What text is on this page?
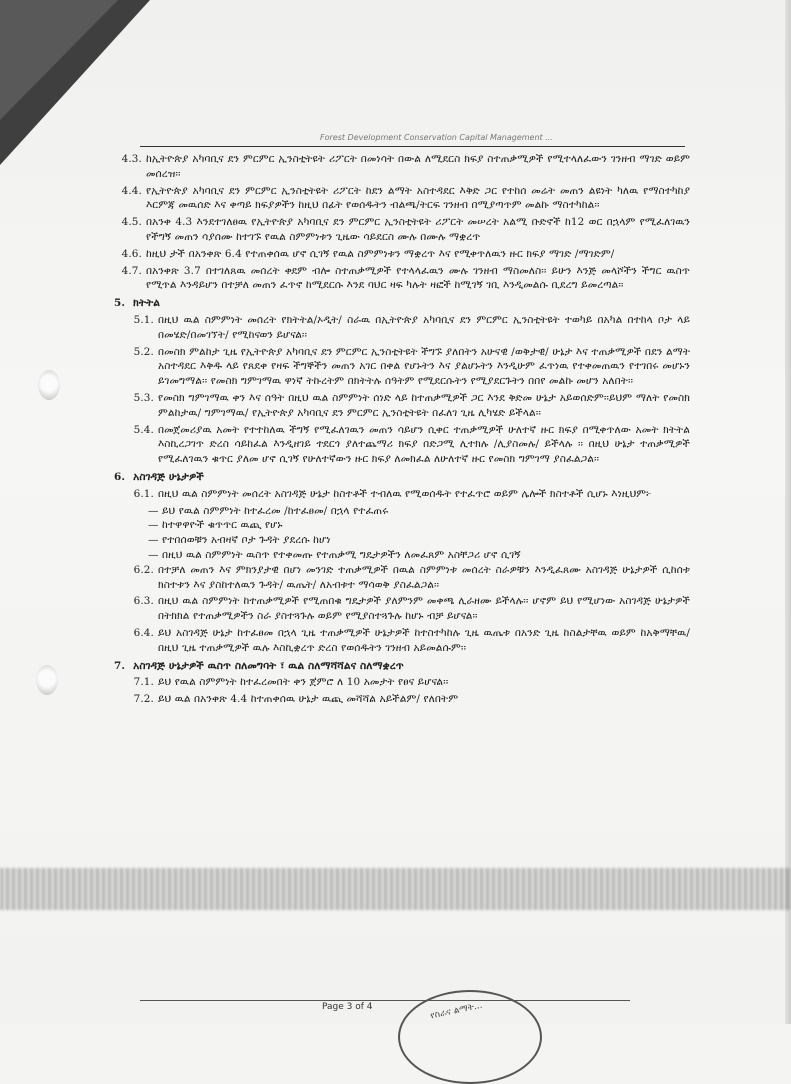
Forest Development Conservation Capital Management ...
4.3. ከኢትዮጵያ አካባቢና ደን ምርምር ኢንስቲትዩት ሪፖርት በመነሳት በውል ለሚደርስ ክፍያ ስተጠቃሚዎች የሚተላለፈውን ገንዘብ ማገድ ወይም መሰረዝ፡፡
4.4. የኢትዮጵያ አካባቢና ደን ምርምር ኢንስቲትዩት ሪፖርት ከደን ልማት አስተዳደር እቅድ ጋር የተከሰ መሬት መጠን ልዩነት ካለዉ የማስተካከያ እርምጃ መዉሰድ እና ቀጣይ ክፍያዎችን ከዚህ በፊት የወሰዱትን ብልጫ/ትርፍ ገንዘብ በሚያጣጥም መልኩ ማስተካከል፡፡
4.5. በአንቀ 4.3 እንደተገለፀዉ የኢትዮጵያ አካባቢና ደን ምርምር ኢንስቲትዩት ሪፖርት መሠረት አልሚ ቡድኖች ከ12 ወር በኋላም የሚፈለገዉን የችግኝ መጠን ሳያሰሙ ከተገኙ የዉል ስምምነቱን ጊዜው ሳይደርስ ሙሉ በሙሉ ማቋረጥ
4.6. ከዚህ ታች በአንቀጽ 6.4 የተጠቀሰዉ ሆኖ ሲገኝ የዉል ስምምነቱን ማቋረጥ እና የሚቀጥለዉን ዙር ክፍያ ማገድ /ማገድም/
4.7. በአንቀጽ 3.7 በተገለጸዉ መሰረት ቀደም ብሎ ስተጠቃሚዎች የተላላፈዉን ሙሉ ገንዘብ ማስመለስ፡፡ ይሁን እንጅ መላሾችን ችግር ዉስጥ የሚጥል እንዳይሆን በተቻለ መጠን ፈጥኖ ከሚደርሱ እንደ ባህር ዛፍ ካሉት ዛፎች ከሚገኝ ገቢ እንዲመልሱ ቢደረግ ይመረጣል፡፡
5. ክትትል
5.1. በዚህ ዉል ስምምነት መሰረት የክትትል/ኦዲት/ ስራዉ በኢትዮጵያ አካባቢና ደን ምርምር ኢንስቲትዩት ተወካይ በአካል በተከላ ቦታ ላይ በመሄድ/በመገኘት/ የሚከናወን ይሆናል፡፡
5.2. በመስክ ምልከታ ጊዜ የኢትዮጵያ አካባቢና ደን ምርምር ኢንስቲትዩት ችግኙ ያለበትን አሁናዊ /ወቅታዊ/ ሁኔታ እና ተጠቃሚዎች በደን ልማት አስተዳደር እቅዱ ላይ የጸደቀ የዛፍ ችግኞችን መጠን አገር በቀል የሆኑትን እና ያልሆኑትን እንዲሁም ፈጥነዉ የተቀመጠዉን የተገበሩ መሆኑን ይገመግማል፡፡ የመስክ ግምገማዉ ዋነኛ ትኩረትም በክትትሉ ሰዓትም የሚደርሱትን የሚያደርጉትን በበየ መልኩ መሆን አለበት፡፡
5.3. የመስክ ግምገማዉ ቀን እና ሰዓት በዚህ ዉል ስምምነት ሰነድ ላይ ከተጠቃሚዎች ጋር እንደ ቅድመ ሁኔታ አይወሰድም፡፡ይህም ማለት የመስክ ምልከታዉ/ ግምገማዉ/ የኢትዮጵያ አካባቢና ደን ምርምር ኢንስቲትዩት በፈለገ ጊዜ ሊካሄድ ይችላል፡፡
5.4. በመጀመሪያዉ አመት የተተከለዉ ችግኝ የሚፈለገዉን መጠን ሳይሆን ሲቀር ተጠቃሚዎች ሁለተኛ ዙር ክፍያ በሚቀጥለው አመት ክትትል እስኪረጋገጥ ድረስ ሳይከፈል እንዲዘገይ ተደርጎ ያለተጨማሪ ክፍያ በድጋሚ ሊተክሉ /ሊያስመሉ/ ይችላሉ ፡፡ በዚህ ሁኔታ ተጠቃሚዎች የሚፈለገዉን ቁጥር ያለመ ሆኖ ሲገኝ የሁለተኛውን ዙር ክፍያ ለመክፈል ለሁለተኛ ዙር የመስክ ግምገማ ያስፈልጋል፡፡
6. አስገዳጅ ሁኔታዎች
6.1. በዚህ ዉል ስምምነት መሰረት አስገዳጅ ሁኔታ ከስተቶች ተብለዉ የሚወሰዱት የተፈጥሮ ወይም ሌሎች ክስተቶች ሲሆኑ እነዚህም፦
— ይህ የዉል ስምምነት ከተፈረመ /ከተፈፀመ/ በኋላ የተፈጠሩ
— ከተዋዋዮች ቁጥጥር ዉጪ የሆኑ
— የተበሰወቹን አብዛኛ ቦታ ጉዳት ያደረሱ ከሆነ
— በዚህ ዉል ስምምነት ዉስጥ የተቀመጡ የተጠቃሚ ግዴታዎችን ለመፈጸም አስቸጋሪ ሆኖ ሲገኝ
6.2. በተቻለ መጠን እና ምክንያታዊ በሆነ መንገድ ተጠቃሚዎች በዉል ስምምነቱ መሰረት ስራዎቹን እንዲፈጸሙ አስገዳጅ ሁኔታዎች ሲከሰቱ ክስተቱን እና ያስከተለዉን ጉዳት/ ዉጤት/ ለአብቱተ ማሳወቅ ያስፈልጋል፡፡
6.3. በዚህ ዉል ስምምነት ከተጠቃሚዎች የሚጠበቁ ግዴታዎች ያለምንም መቀጫ ሊራዘሙ ይችላሉ፡፡ ሆኖም ይህ የሚሆነው አስገዳጅ ሁኔታዎች በትክክል የተጠቃሚዎችን ስራ ያስተጓጉሉ ወይም የሚያስተጓጉሉ ከሆኑ ብቻ ይሆናል፡፡
6.4. ይህ አስገዳጅ ሁኔታ ከተፈፀመ በኋላ ጊዜ ተጠቃሚዎች ሁኔታዎች ከተስተካከሉ ጊዜ ዉጤቱ በአንድ ጊዜ ከስልታቸዉ ወይም ከአቅማቸዉ/ በዚህ ጊዜ ተጠቃሚዎች ዉሉ እስኪቋረጥ ድረስ የወሰዱትን ገንዘብ አይመልሱም፡፡
7. አስገዳጅ ሁኔታዎች ዉስጥ ስለመግባት ፣ ዉል ስለማሻሻልና ስለማቋረጥ
7.1. ይህ የዉል ስምምነት ከተፈረመበት ቀን ጀምሮ ለ 10 አመታት የፀና ይሆናል፡፡
7.2. ይህ ዉል በአንቀጽ 4.4 ከተጠቀሰዉ ሁኔታ ዉጪ መሻሻል አይችልም/ የለበትም
Page 3 of 4	የስራና ልማት...
